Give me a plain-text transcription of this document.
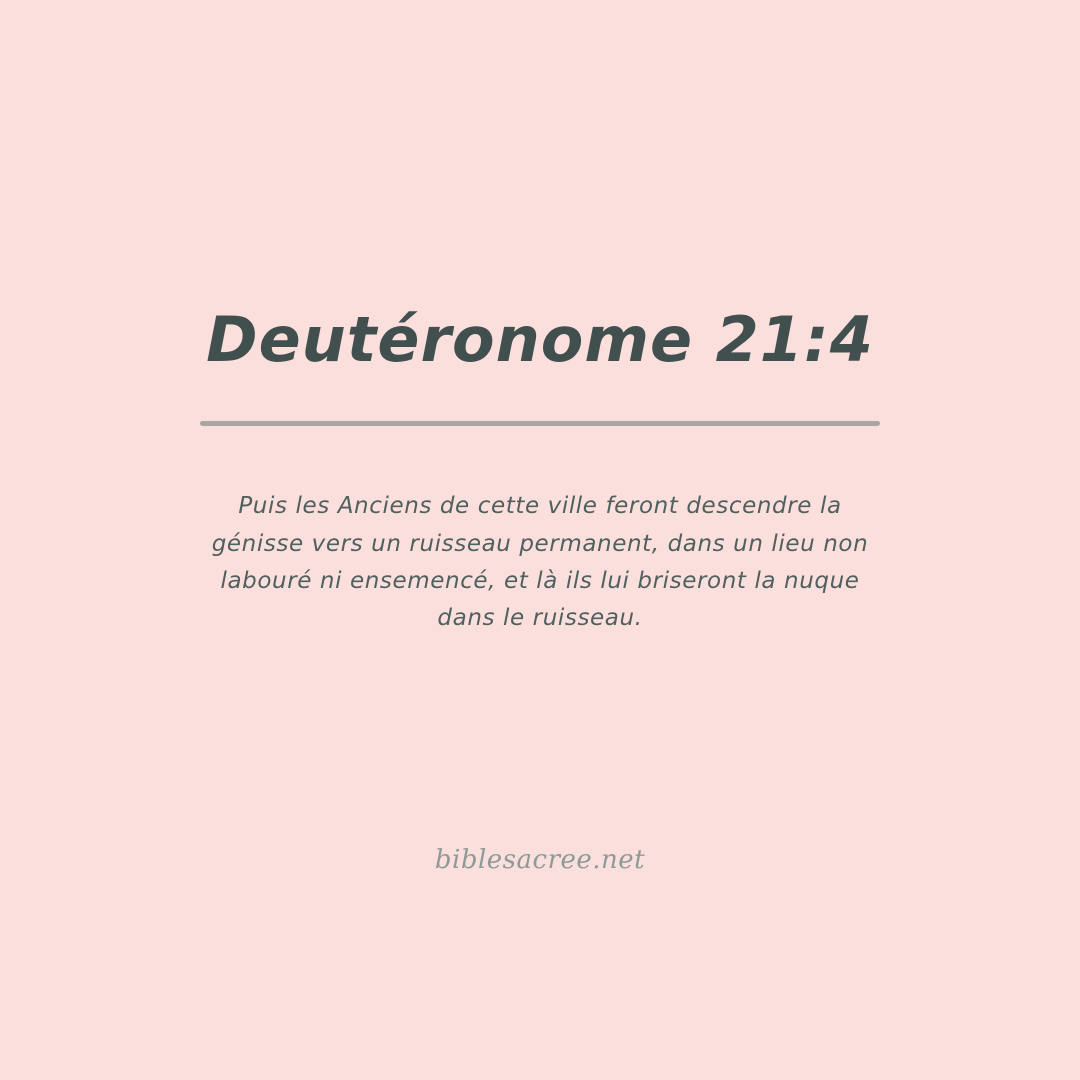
Deutéronome 21:4
Puis les Anciens de cette ville feront descendre la génisse vers un ruisseau permanent, dans un lieu non labouré ni ensemencé, et là ils lui briseront la nuque dans le ruisseau.
biblesacree.net
